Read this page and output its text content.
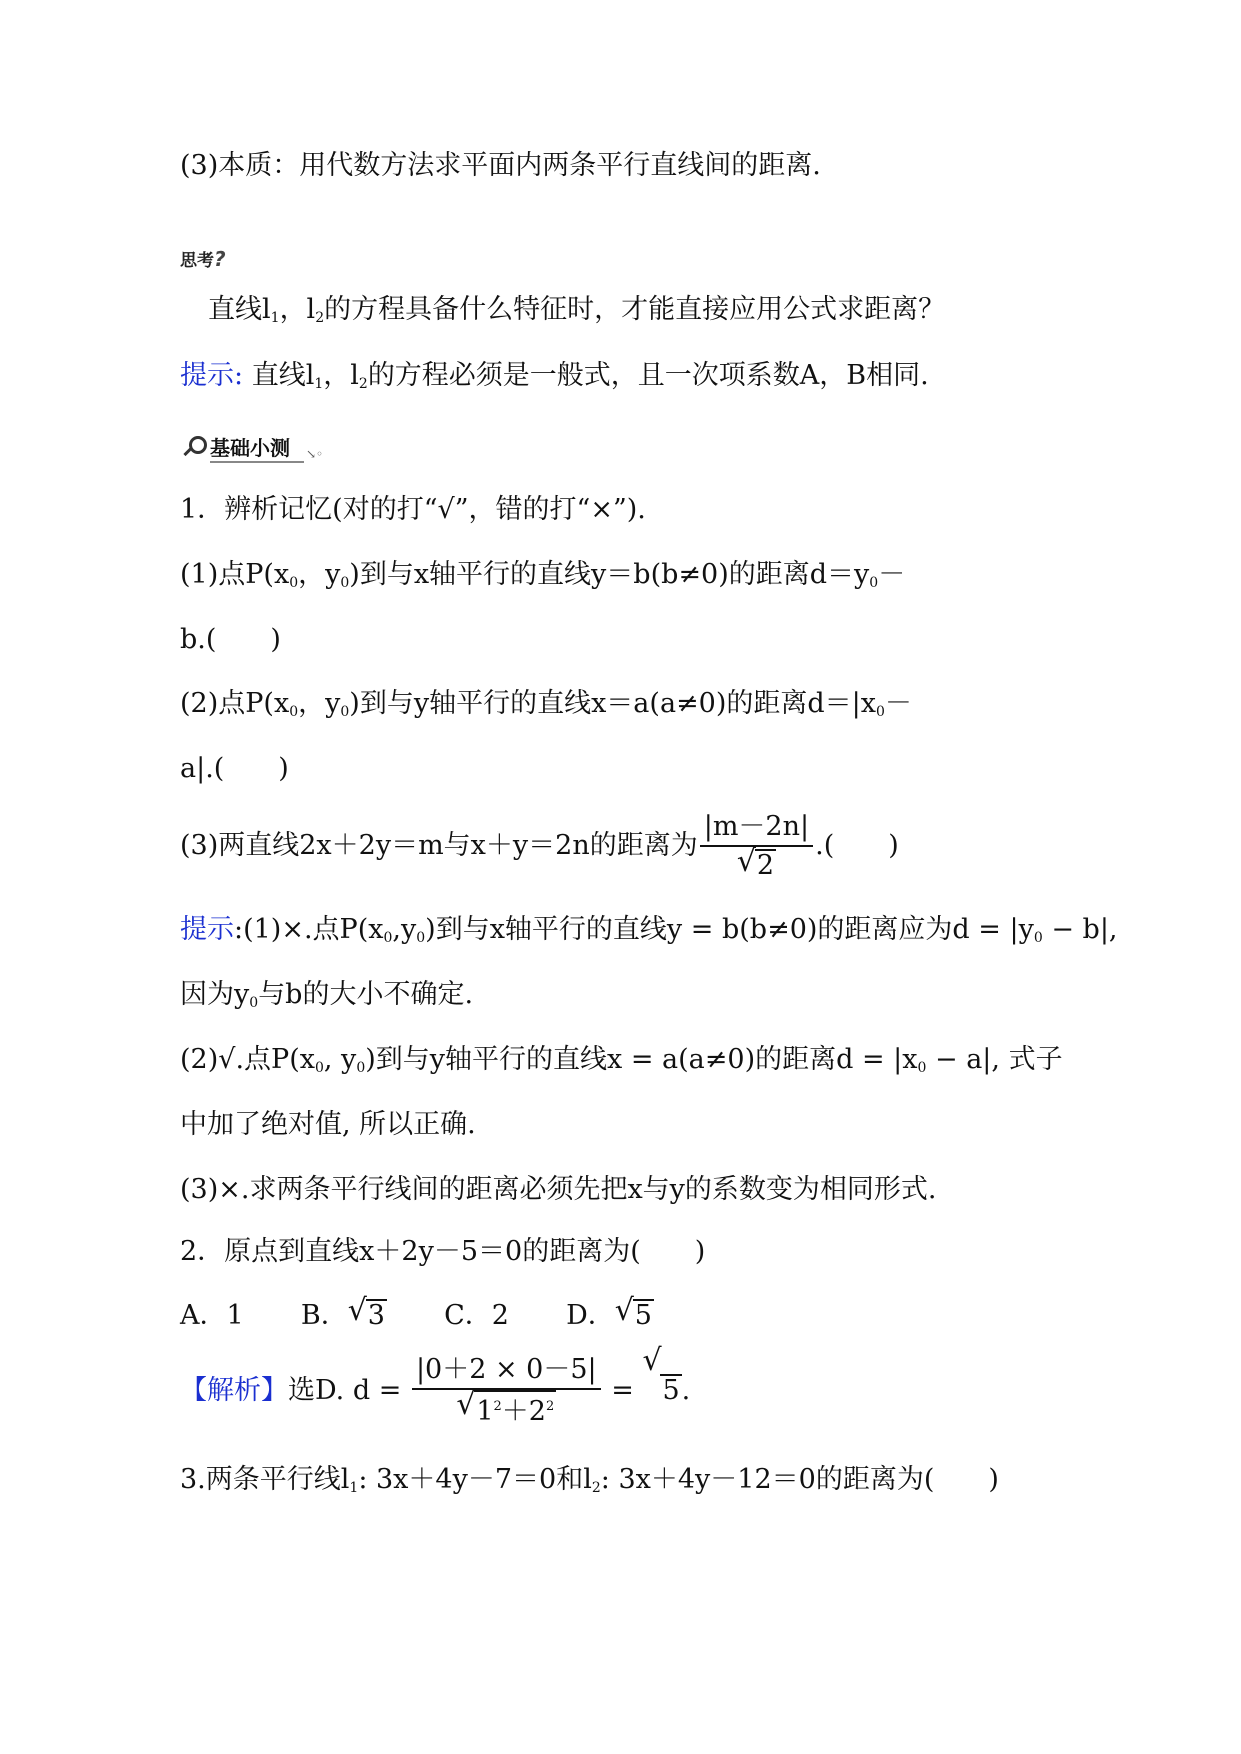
(3)本质：用代数方法求平面内两条平行直线间的距离.
思考?
直线$l_1$，$l_2$的方程具备什么特征时，才能直接应用公式求距离？
提示: 直线$l_1$，$l_2$的方程必须是一般式，且一次项系数A，B相同.
基础小测	↘◦
1．辨析记忆(对的打“√”，错的打“×”).
(1)点$P(x_0$，$y_0$)到与x轴平行的直线y＝b(b≠0)的距离$d=y_0-$
b.(　　)
(2)点$P(x_0$，$y_0$)到与y轴平行的直线x＝a(a≠0)的距离$d=|x_0-$
a|.(　　)
(3)两直线2x＋2y＝m与x＋y＝2n的距离为 $\frac{|m-2n|}{√ 2}$ .(　　)
提示:(1)×.点$P(x_0,y_0)$到与x轴平行的直线y = b(b≠0)的距离应为$d = |y_0 - b|$,
因为$y_0$与b的大小不确定.
(2)√.点$P(x_0$, $y_0$)到与y轴平行的直线x = a(a≠0)的距离$d = |x_0 - a|$, 式子
中加了绝对值, 所以正确.
(3)×.求两条平行线间的距离必须先把x与y的系数变为相同形式.
2．原点到直线x＋2y－5＝0的距离为(　　)
A．1 B． √ 3 C．2 D． √ 5
【解析】选D. $d = \frac{|0+2 \times 0-5|}{√ 1^2+2^2}$ =
√
5.
3.两条平行线$l_1$: 3x＋4y－7＝0和$l_2$: 3x＋4y－12＝0的距离为(　　)
